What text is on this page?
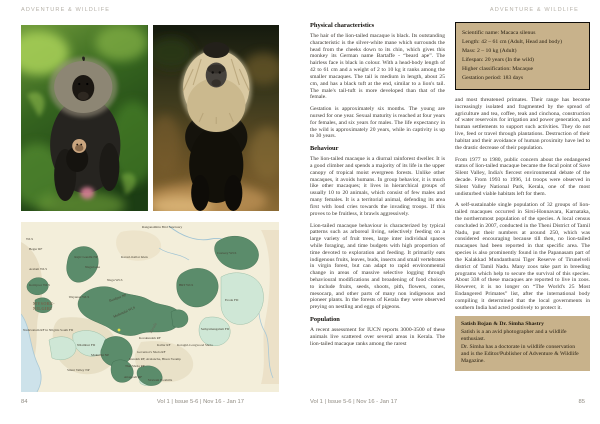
ADVENTURE & WILDLIFE
WLS
Begur RF
Aralam WLS
Kottiyoor WLS
Rajiv Gandhi NP
Nugu Lake
Nugu WLS
Ranganathittu Bird Sanctuary
Kaveri-Kallar Islets
Cauvery WLS
BRT WLS
Erode FD
MYSORE-NILGIRI
Wayanad WLS	Bandipur NP
Mudumalai WLS
Naduvattam RF in Nilgiris South FD
Nilambur FD
Korakundah RF
Kallar RF
Governor's Shola RF
Kundah RF, Avalanche, Bison Swamp
Thai Shola RF
Mukurthi NP
Silent Valley NP
Kerala	Sathyamangalam FD
Kotagiri-Longwood Shola
Attappadi RF
Siruvani Foothills
84	Vol 1 | Issue 5-6 | Nov 16 - Jan 17
ADVENTURE & WILDLIFE
Physical characteristics

The hair of the lion-tailed macaque is black. Its outstanding characteristic is the silver-white mane which surrounds the head from the cheeks down to its chin, which gives this monkey its German name Bartaffe - “beard ape”. The hairless face is black in colour. With a head-body length of 42 to 61 cm and a weight of 2 to 10 kg it ranks among the smaller macaques. The tail is medium in length, about 25 cm, and has a black tuft at the end, similar to a lion's tail. The male's tail-tuft is more developed than that of the female.

Gestation is approximately six months. The young are nursed for one year. Sexual maturity is reached at four years for females, and six years for males. The life expectancy in the wild is approximately 20 years, while in captivity is up to 30 years.

Behaviour

The lion-tailed macaque is a diurnal rainforest dweller. It is a good climber and spends a majority of its life in the upper canopy of tropical moist evergreen forests. Unlike other macaques, it avoids humans. In group behavior, it is much like other macaques; it lives in hierarchical groups of usually 10 to 20 animals, which consist of few males and many females. It is a territorial animal, defending its area first with loud cries towards the invading troops. If this proves to be fruitless, it brawls aggressively.

Lion-tailed macaque behaviour is characterized by typical patterns such as arboreal living, selectively feeding on a large variety of fruit trees, large inter individual spaces while foraging, and time budgets with high proportion of time devoted to exploration and feeding. It primarily eats indigenous fruits, leaves, buds, insects and small vertebrates in virgin forest, but can adapt to rapid environmental change in areas of massive selective logging through behavioural modifications and broadening of food choices to include fruits, seeds, shoots, pith, flowers, cones, mesocarp, and other parts of many non indigenous and pioneer plants. In the forests of Kerala they were observed preying on nestling and eggs of pigeons.

Population

A recent assessment for IUCN reports 3000-3500 of these animals live scattered over several areas in Kerala. The lion-tailed macaque ranks among the rarest

Scientific name: Macaca silenus
Length: 42 – 61 cm (Adult, Head and body)
Mass: 2 – 10 kg (Adult)
Lifespan: 20 years (In the wild)
Higher classification: Macaque
Gestation period: 183 days

and most threatened primates. Their range has become increasingly isolated and fragmented by the spread of agriculture and tea, coffee, teak and cinchona, construction of water reservoirs for irrigation and power generation, and human settlements to support such activities. They do not live, feed or travel through plantations. Destruction of their habitat and their avoidance of human proximity have led to the drastic decrease of their population.

From 1977 to 1980, public concern about the endangered status of lion-tailed macaque became the focal point of Save Silent Valley, India's fiercest environmental debate of the decade. From 1993 to 1996, 14 troops were observed in Silent Valley National Park, Kerala, one of the most undisturbed viable habitats left for them.

A self-sustainable single population of 32 groups of lion-tailed macaques occurred in Sirsi-Honnavara, Karnataka, the northernmost population of the species. A local census concluded in 2007, conducted in the Theni District of Tamil Nadu, put their numbers at around 250, which was considered encouraging because till then, no lion-tailed macaques had been reported in that specific area. The species is also prominently found in the Papanasam part of the Kalakkad Mundanthurai Tiger Reserve of Tirunelveli district of Tamil Nadu. Many zoos take part in breeding programs which help to secure the survival of this species. About 338 of these macaques are reported to live in zoos. However, it is no longer on “The World's 25 Most Endangered Primates” list, after the international body compiling it determined that the local governments in southern India had acted positively to protect it.

Satish Bojan & Dr. Simha Shastry
Satish is a an avid photographer and a wildlife enthusiast.
Dr. Simha has a doctorate in wildlife conservation and is the Editor/Publisher of Adventure & Wildlife Magazine.
Vol 1 | Issue 5-6 | Nov 16 - Jan 17	85
